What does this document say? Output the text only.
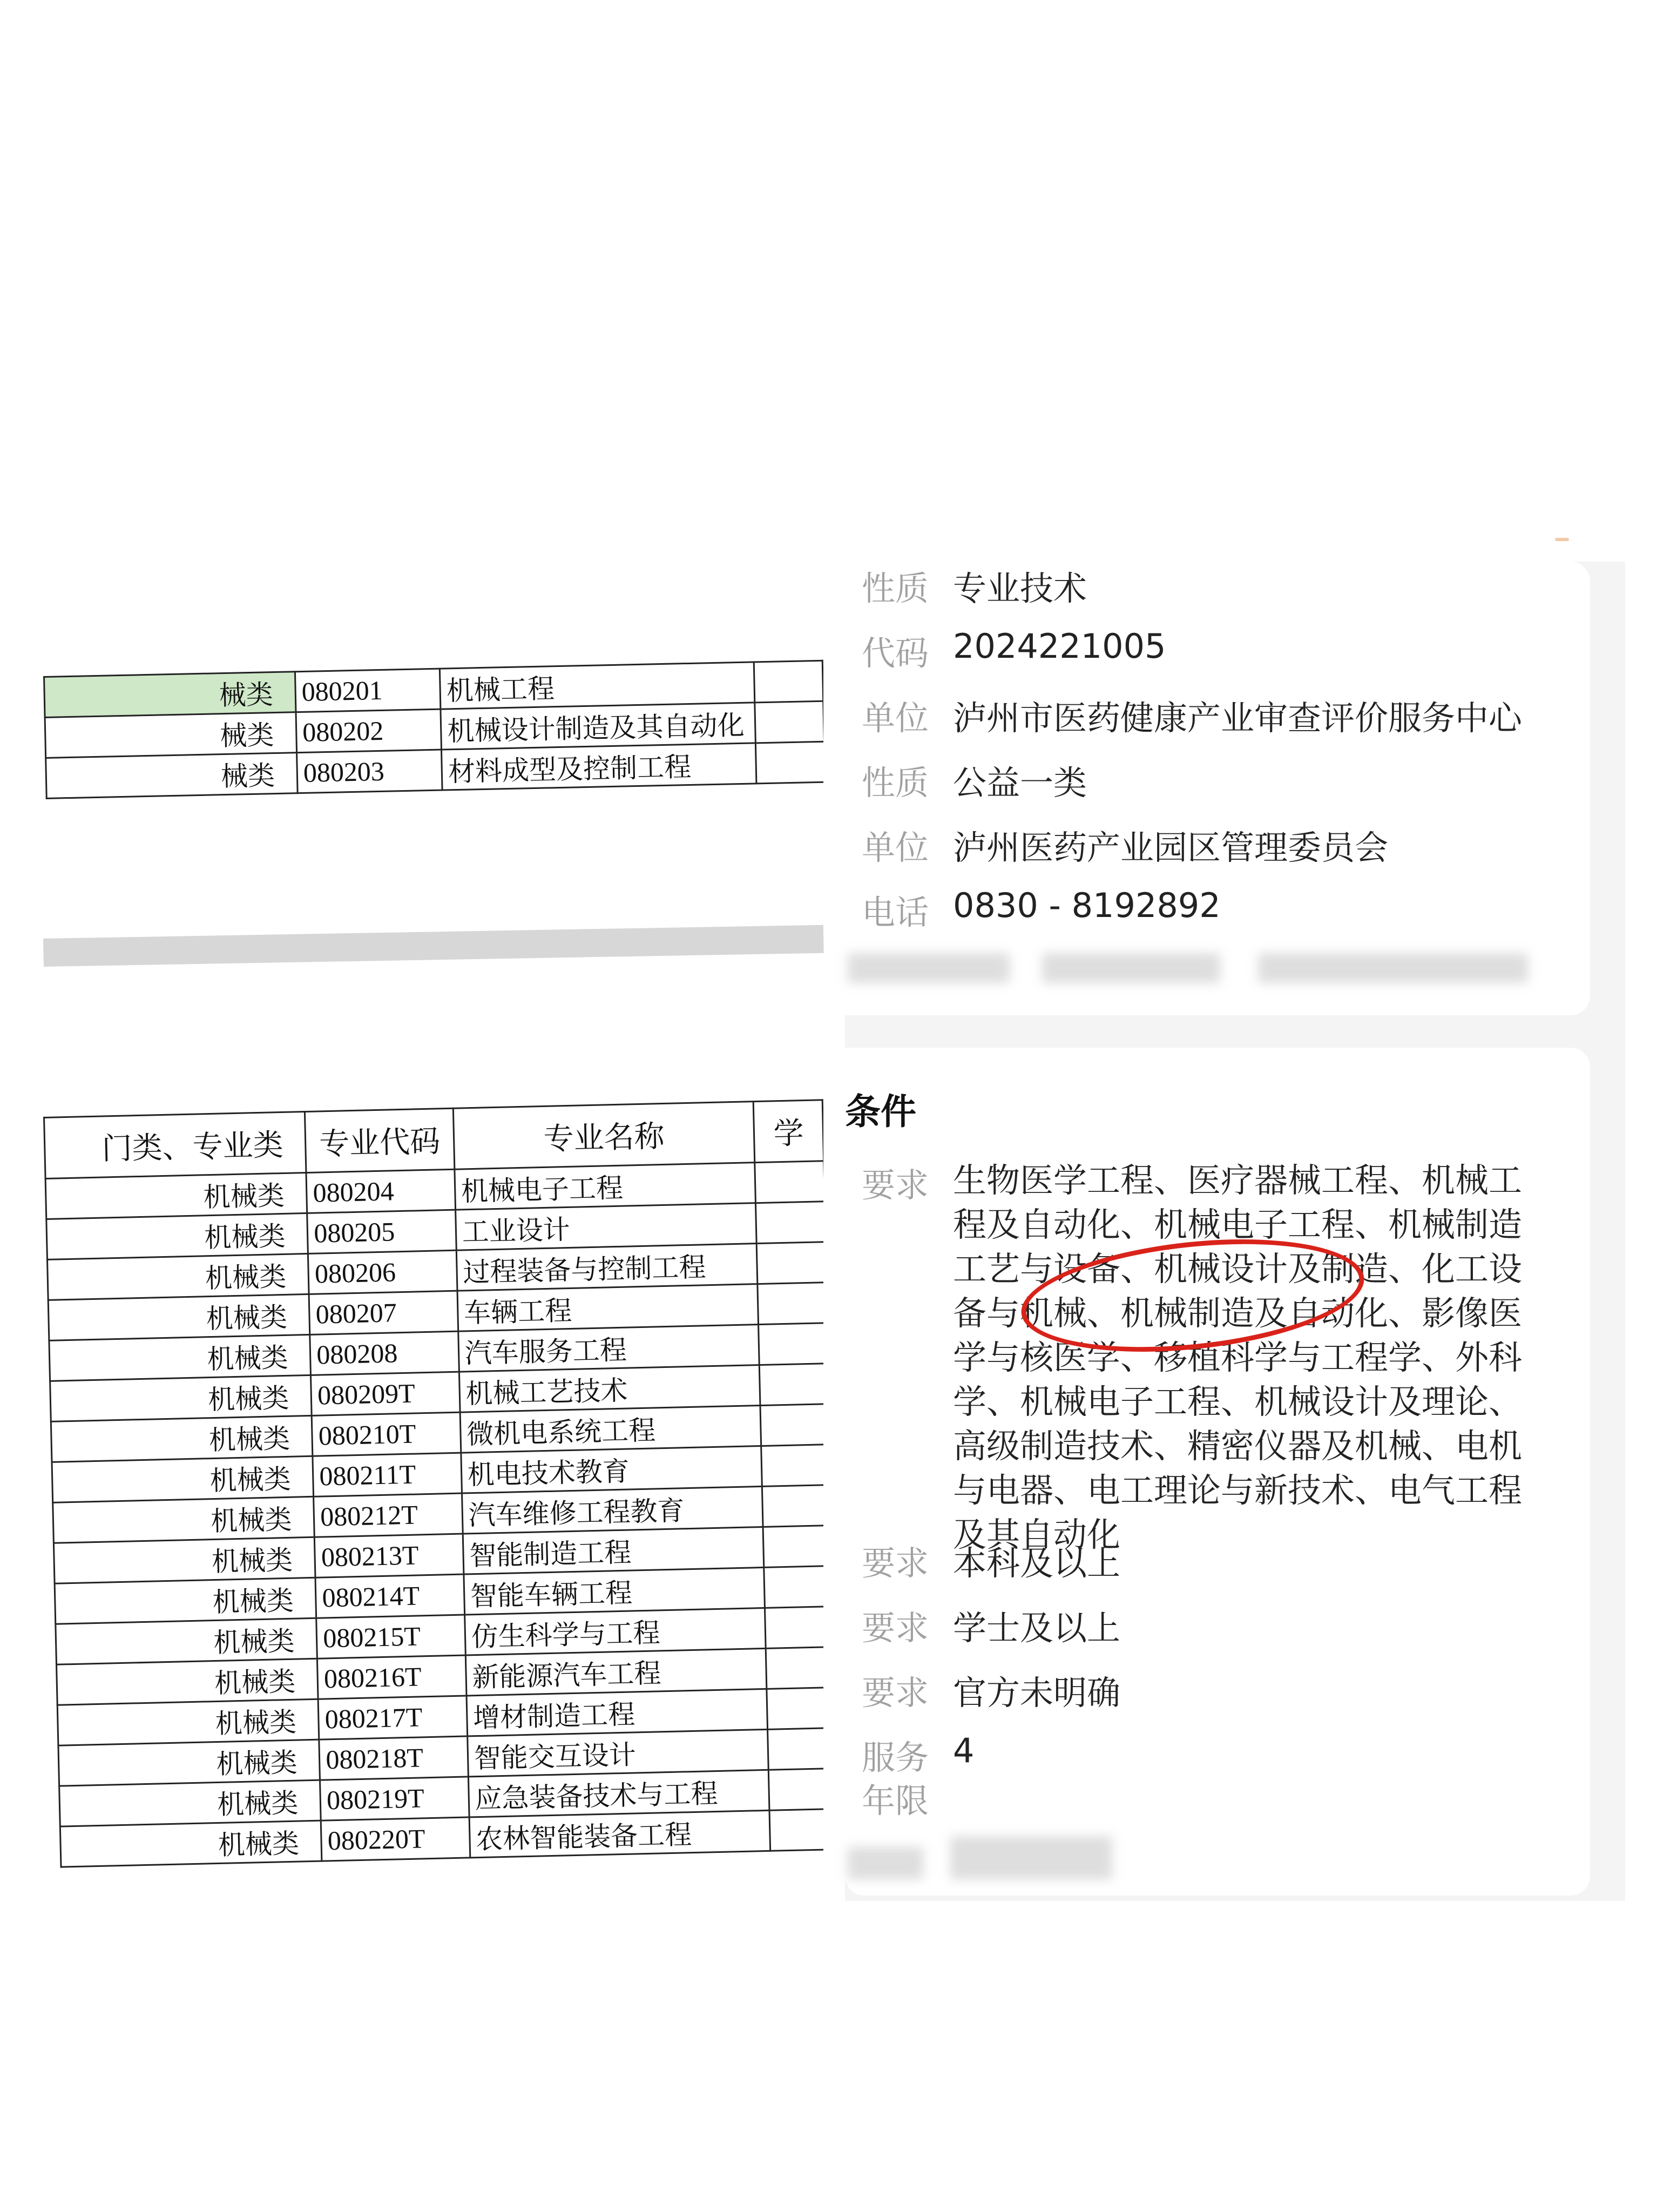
械类	080201	机械工程	
械类	080202	机械设计制造及其自动化	
械类	080203	材料成型及控制工程	
门类、专业类	专业代码	专业名称	学
机械类	080204	机械电子工程	
机械类	080205	工业设计	
机械类	080206	过程装备与控制工程	
机械类	080207	车辆工程	
机械类	080208	汽车服务工程	
机械类	080209T	机械工艺技术	
机械类	080210T	微机电系统工程	
机械类	080211T	机电技术教育	
机械类	080212T	汽车维修工程教育	
机械类	080213T	智能制造工程	
机械类	080214T	智能车辆工程	
机械类	080215T	仿生科学与工程	
机械类	080216T	新能源汽车工程	
机械类	080217T	增材制造工程	
机械类	080218T	智能交互设计	
机械类	080219T	应急装备技术与工程	
机械类	080220T	农林智能装备工程	
性质 专业技术
代码 2024221005
单位 泸州市医药健康产业审查评价服务中心
性质 公益一类
单位 泸州医药产业园区管理委员会
电话 0830 - 8192892
条件
要求 生物医学工程、医疗器械工程、机械工程及自动化、机械电子工程、机械制造工艺与设备、机械设计及制造、化工设备与机械、机械制造及自动化、影像医学与核医学、移植科学与工程学、外科学、机械电子工程、机械设计及理论、高级制造技术、精密仪器及机械、电机与电器、电工理论与新技术、电气工程及其自动化
要求 本科及以上
要求 学士及以上
要求 官方未明确
服务 4
年限
